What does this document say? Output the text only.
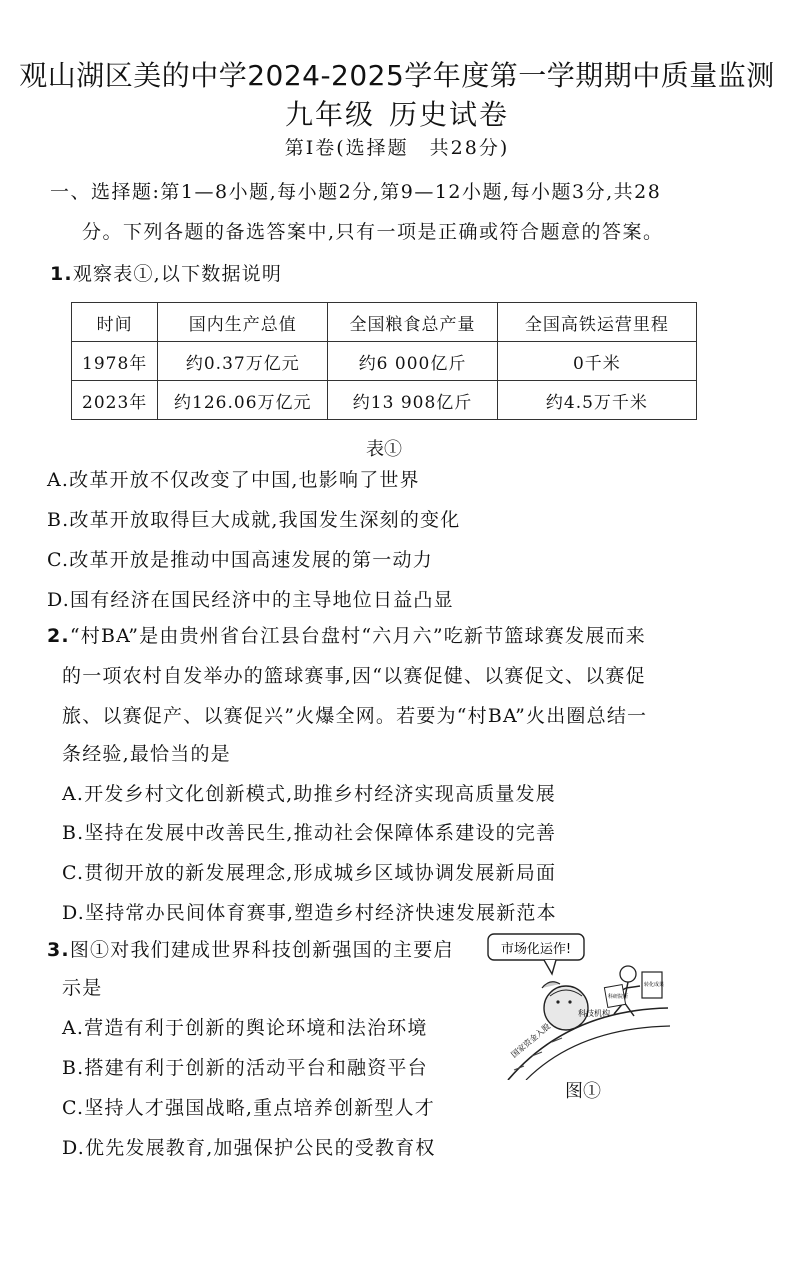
观山湖区美的中学2024-2025学年度第一学期期中质量监测
九年级 历史试卷
第Ⅰ卷(选择题　共28分)
一、选择题:第1—8小题,每小题2分,第9—12小题,每小题3分,共28
分。下列各题的备选答案中,只有一项是正确或符合题意的答案。
1.观察表①,以下数据说明
时间	国内生产总值	全国粮食总产量	全国高铁运营里程
1978年	约0.37万亿元	约6 000亿斤	0千米
2023年	约126.06万亿元	约13 908亿斤	约4.5万千米
表①
A.改革开放不仅改变了中国,也影响了世界
B.改革开放取得巨大成就,我国发生深刻的变化
C.改革开放是推动中国高速发展的第一动力
D.国有经济在国民经济中的主导地位日益凸显
2.“村BA”是由贵州省台江县台盘村“六月六”吃新节篮球赛发展而来
的一项农村自发举办的篮球赛事,因“以赛促健、以赛促文、以赛促
旅、以赛促产、以赛促兴”火爆全网。若要为“村BA”火出圈总结一
条经验,最恰当的是
A.开发乡村文化创新模式,助推乡村经济实现高质量发展
B.坚持在发展中改善民生,推动社会保障体系建设的完善
C.贯彻开放的新发展理念,形成城乡区域协调发展新局面
D.坚持常办民间体育赛事,塑造乡村经济快速发展新范本
3.图①对我们建成世界科技创新强国的主要启
示是
A.营造有利于创新的舆论环境和法治环境
B.搭建有利于创新的活动平台和融资平台
C.坚持人才强国战略,重点培养创新型人才
D.优先发展教育,加强保护公民的受教育权
市场化运作!
国家资金入股
科技机构
科研院所
转化成果
图①
